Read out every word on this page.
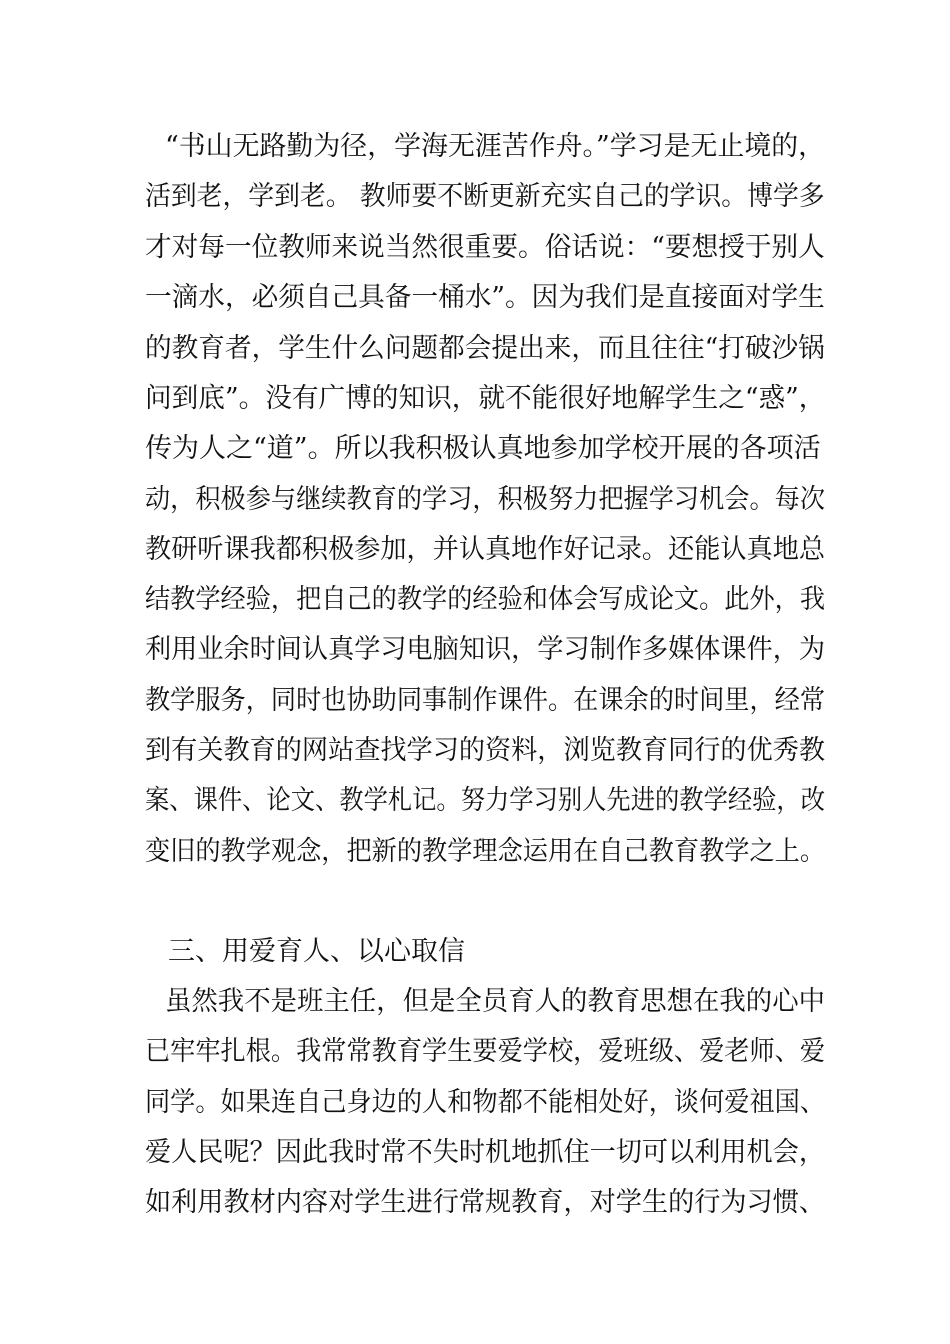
“书山无路勤为径，学海无涯苦作舟。”学习是无止境的，
活到老，学到老。 教师要不断更新充实自己的学识。博学多
才对每一位教师来说当然很重要。俗话说：“要想授于别人
一滴水，必须自己具备一桶水”。因为我们是直接面对学生
的教育者，学生什么问题都会提出来，而且往往“打破沙锅
问到底”。没有广博的知识，就不能很好地解学生之“惑”，
传为人之“道”。所以我积极认真地参加学校开展的各项活
动，积极参与继续教育的学习，积极努力把握学习机会。每次
教研听课我都积极参加，并认真地作好记录。还能认真地总
结教学经验，把自己的教学的经验和体会写成论文。此外，我
利用业余时间认真学习电脑知识，学习制作多媒体课件，为
教学服务，同时也协助同事制作课件。在课余的时间里，经常
到有关教育的网站查找学习的资料，浏览教育同行的优秀教
案、课件、论文、教学札记。努力学习别人先进的教学经验，改
变旧的教学观念，把新的教学理念运用在自己教育教学之上。
三、用爱育人、以心取信
虽然我不是班主任，但是全员育人的教育思想在我的心中
已牢牢扎根。我常常教育学生要爱学校，爱班级、爱老师、爱
同学。如果连自己身边的人和物都不能相处好，谈何爱祖国、
爱人民呢？因此我时常不失时机地抓住一切可以利用机会，
如利用教材内容对学生进行常规教育，对学生的行为习惯、
